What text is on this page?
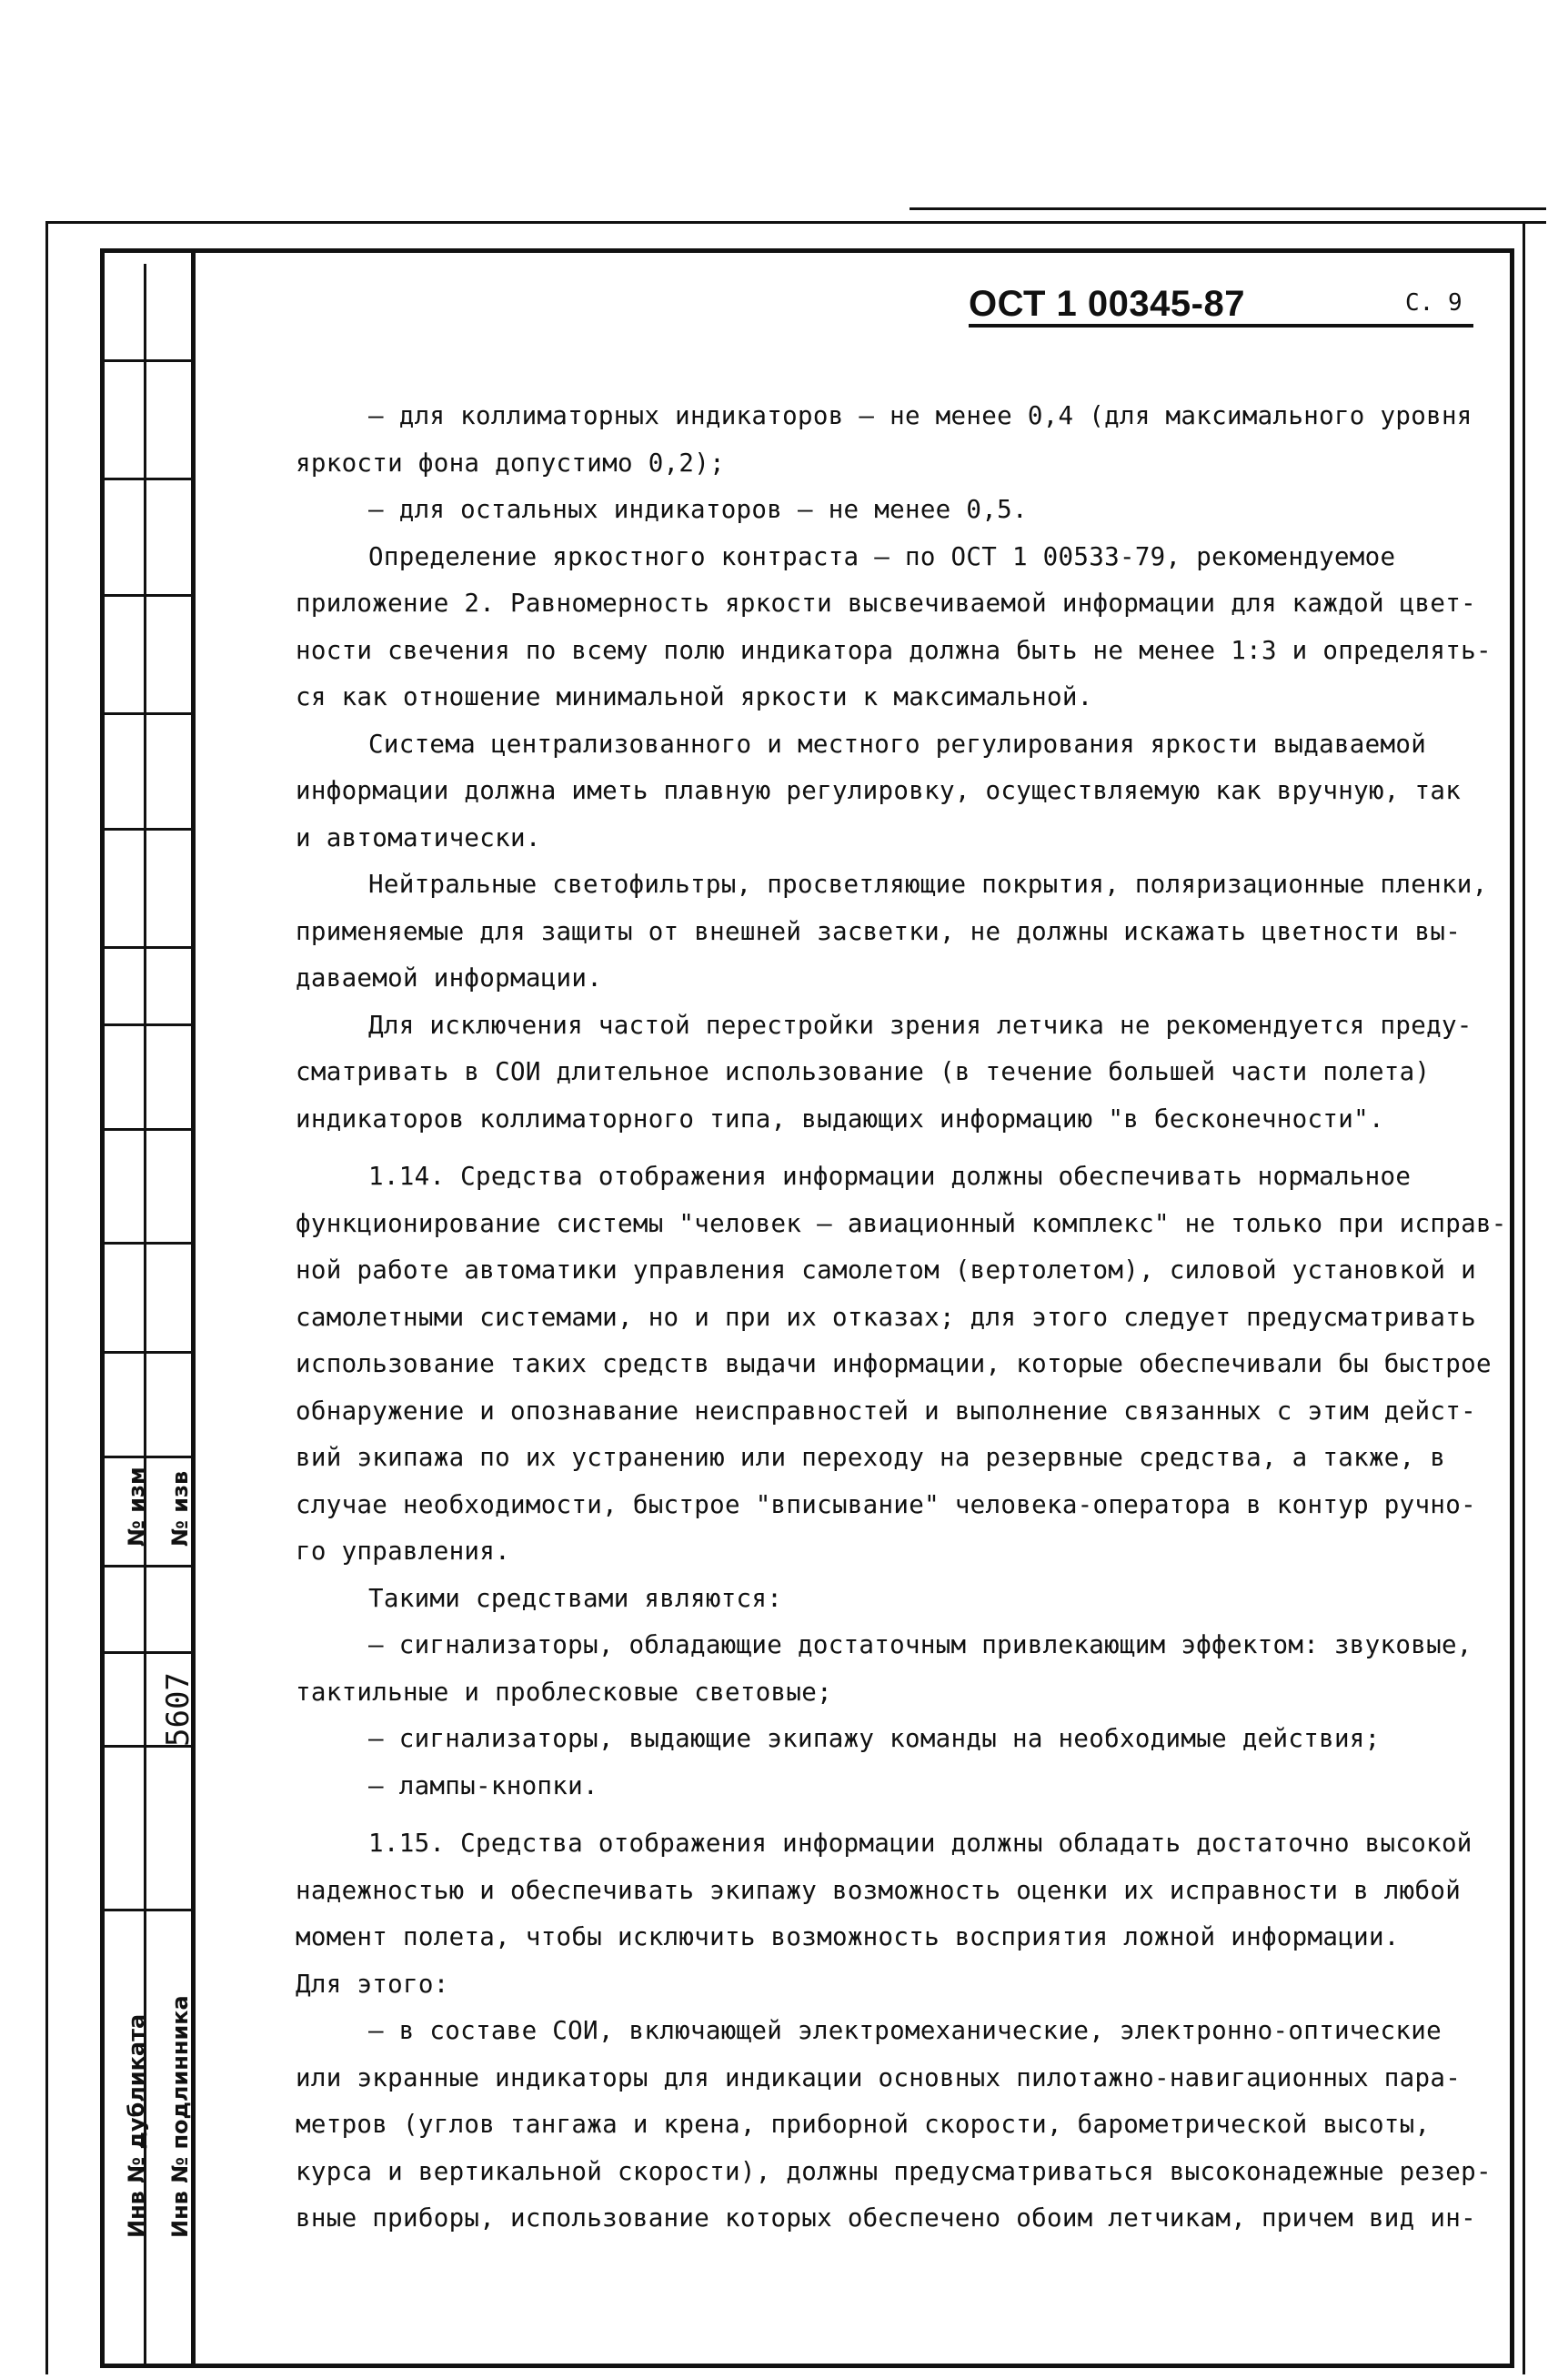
№ изм № изв
Инв № дубликата Инв № подлинника
5607
ОСТ 1 00345-87	С. 9
– для коллиматорных индикаторов – не менее 0,4 (для максимального уровня
яркости фона допустимо 0,2);
– для остальных индикаторов – не менее 0,5.
Определение яркостного контраста – по ОСТ 1 00533-79, рекомендуемое
приложение 2. Равномерность яркости высвечиваемой информации для каждой цвет-
ности свечения по всему полю индикатора должна быть не менее 1:3 и определять-
ся как отношение минимальной яркости к максимальной.
Система централизованного и местного регулирования яркости выдаваемой
информации должна иметь плавную регулировку, осуществляемую как вручную, так
и автоматически.
Нейтральные светофильтры, просветляющие покрытия, поляризационные пленки,
применяемые для защиты от внешней засветки, не должны искажать цветности вы-
даваемой информации.
Для исключения частой перестройки зрения летчика не рекомендуется преду-
сматривать в СОИ длительное использование (в течение большей части полета)
индикаторов коллиматорного типа, выдающих информацию "в бесконечности".
1.14. Средства отображения информации должны обеспечивать нормальное
функционирование системы "человек – авиационный комплекс" не только при исправ-
ной работе автоматики управления самолетом (вертолетом), силовой установкой и
самолетными системами, но и при их отказах; для этого следует предусматривать
использование таких средств выдачи информации, которые обеспечивали бы быстрое
обнаружение и опознавание неисправностей и выполнение связанных с этим дейст-
вий экипажа по их устранению или переходу на резервные средства, а также, в
случае необходимости, быстрое "вписывание" человека-оператора в контур ручно-
го управления.
Такими средствами являются:
– сигнализаторы, обладающие достаточным привлекающим эффектом: звуковые,
тактильные и проблесковые световые;
– сигнализаторы, выдающие экипажу команды на необходимые действия;
– лампы-кнопки.
1.15. Средства отображения информации должны обладать достаточно высокой
надежностью и обеспечивать экипажу возможность оценки их исправности в любой
момент полета, чтобы исключить возможность восприятия ложной информации.
Для этого:
– в составе СОИ, включающей электромеханические, электронно-оптические
или экранные индикаторы для индикации основных пилотажно-навигационных пара-
метров (углов тангажа и крена, приборной скорости, барометрической высоты,
курса и вертикальной скорости), должны предусматриваться высоконадежные резер-
вные приборы, использование которых обеспечено обоим летчикам, причем вид ин-
